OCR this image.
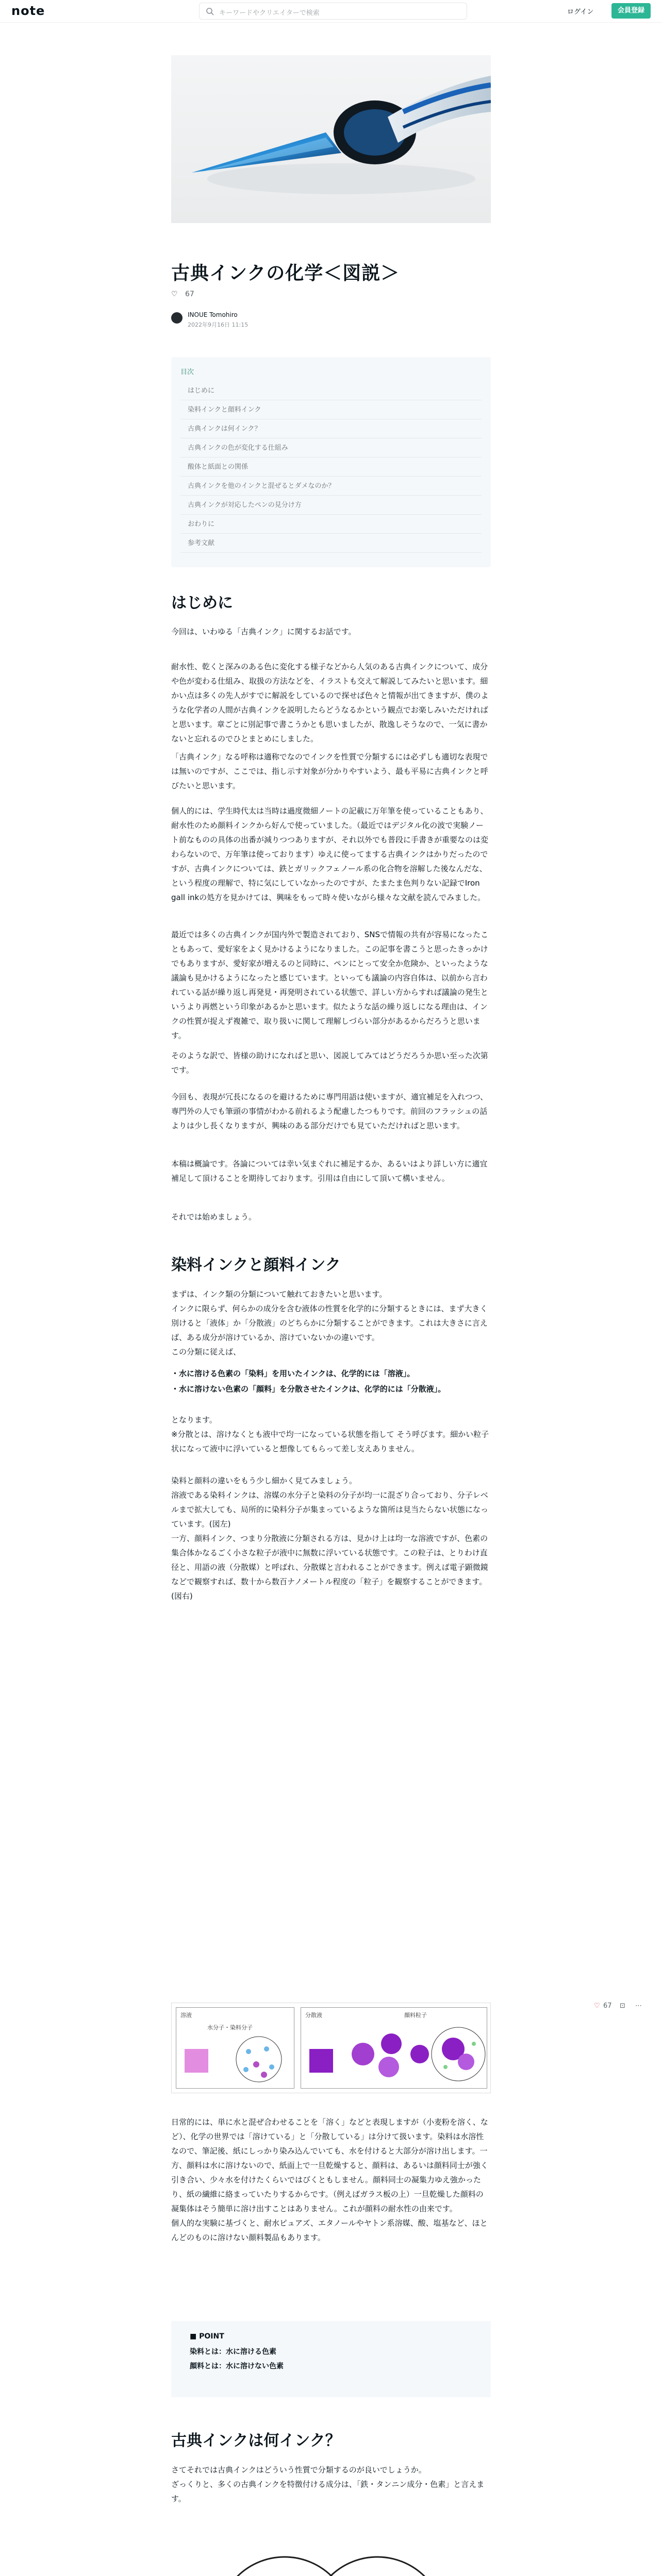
note	キーワードやクリエイターで検索	ログイン	会員登録
古典インクの化学＜図説＞
♡ 67
INOUE Tomohiro
2022年9月16日 11:15
目次
はじめに
染料インクと顔料インク
古典インクは何インク？
古典インクの色が変化する仕組み
酸体と紙面との関係
古典インクを他のインクと混ぜるとダメなのか？
古典インクが対応したペンの見分け方
おわりに
参考文献
はじめに

今回は、いわゆる「古典インク」に関するお話です。

耐水性、乾くと深みのある色に変化する様子などから人気のある古典インクについて、成分や色が変わる仕組み、取扱の方法などを、イラストも交えて解説してみたいと思います。細かい点は多くの先人がすでに解説をしているので探せば色々と情報が出てきますが、僕のような化学者の人間が古典インクを説明したらどうなるかという観点でお楽しみいただければと思います。章ごとに別記事で書こうかとも思いましたが、散逸しそうなので、一気に書かないと忘れるのでひとまとめにしました。

「古典インク」なる呼称は適称でなのでインクを性質で分類するには必ずしも適切な表現では無いのですが、ここでは、指し示す対象が分かりやすいよう、最も平易に古典インクと呼びたいと思います。

個人的には、学生時代太は当時は過度微細ノートの記載に万年筆を使っていることもあり、耐水性のため顔料インクから好んで使っていました。（最近ではデジタル化の波で実験ノート前なものの具体の出番が減りつつありますが、それ以外でも普段に手書きが重要なのは変わらないので、万年筆は使っております）ゆえに使ってまする古典インクはかりだったのですが、古典インクについては、鉄とガリックフェノール系の化合物を溶解した後なんだな、という程度の理解で、特に気にしていなかったのですが、たまたま色判りない記録でIron gall inkの処方を見かけては、興味をもって時々使いながら様々な文献を読んでみました。

最近では多くの古典インクが国内外で製造されており、SNSで情報の共有が容易になったこともあって、愛好家をよく見かけるようになりました。この記事を書こうと思ったきっかけでもありますが、愛好家が増えるのと同時に、ペンにとって安全か危険か、といったような議論も見かけるようになったと感じています。といっても議論の内容自体は、以前から言われている話が繰り返し再発見・再発明されている状態で、詳しい方からすれば議論の発生というより再燃という印象があるかと思います。似たような話の繰り返しになる理由は、インクの性質が捉えず複雑で、取り扱いに関して理解しづらい部分があるからだろうと思います。

そのような訳で、皆様の助けになればと思い、図説してみてはどうだろうか思い至った次第です。

今回も、表現が冗長になるのを避けるために専門用語は使いますが、適宜補足を入れつつ、専門外の人でも筆頭の事情がわかる前れるよう配慮したつもりです。前回のフラッシュの話よりは少し長くなりますが、興味のある部分だけでも見ていただければと思います。

本稿は概論です。各論については幸い気まぐれに補足するか、あるいはより詳しい方に適宜補足して頂けることを期待しております。引用は自由にして頂いて構いません。

それでは始めましょう。

染料インクと顔料インク

まずは、インク類の分類について触れておきたいと思います。
インクに限らず、何らかの成分を含む液体の性質を化学的に分類するときには、まず大きく別けると「液体」か「分散液」のどちらかに分類することができます。これは大きさに言えば、ある成分が溶けているか、溶けていないかの違いです。
この分類に従えば、

・水に溶ける色素の「染料」を用いたインクは、化学的には「溶液」。

・水に溶けない色素の「顔料」を分散させたインクは、化学的には「分散液」。

となります。
※分散とは、溶けなくとも液中で均一になっている状態を指して そう呼びます。細かい粒子状になって液中に浮いていると想像してもらって差し支えありません。

染料と顔料の違いをもう少し細かく見てみましょう。
溶液である染料インクは、溶媒の水分子と染料の分子が均一に混ざり合っており、分子レベルまで拡大しても、局所的に染料分子が集まっているような箇所は見当たらない状態になっています。(図左)
一方、顔料インク、つまり分散液に分類される方は、見かけ上は均一な溶液ですが、色素の集合体かなるごく小さな粒子が液中に無数に浮いている状態です。この粒子は、とりわけ直径と、用語の液（分散媒）と呼ばれ、分散媒と言われることができます。例えば電子顕微鏡などで観察すれば、数十から数百ナノメートル程度の「粒子」を観察することができます。(図右)

溶液
水分子・染料分子
分散液	顔料粒子

日常的には、単に水と混ぜ合わせることを「溶く」などと表現しますが（小麦粉を溶く、など）、化学の世界では「溶けている」と「分散している」は分けて扱います。染料は水溶性なので、筆記後、紙にしっかり染み込んでいても、水を付けると大部分が溶け出します。一方、顔料は水に溶けないので、紙面上で一旦乾燥すると、顔料は、あるいは顔料同士が強く引き合い、少々水を付けたくらいではびくともしません。顔料同士の凝集力ゆえ強かったり、紙の繊維に絡まっていたりするからです。（例えばガラス板の上）一旦乾燥した顔料の凝集体はそう簡単に溶け出すことはありません。これが顔料の耐水性の由来です。
個人的な実験に基づくと、耐水ピュアズ、エタノールやヤトン系溶媒、酸、塩基など、ほとんどのものに溶けない顔料製品もあります。

■ POINT
染料とは：水に溶ける色素
顔料とは：水に溶けない色素
古典インクは何インク？

さてそれでは古典インクはどういう性質で分類するのが良いでしょうか。
ざっくりと、多くの古典インクを特徴付ける成分は、「鉄・タンニン成分・色素」と言えます。

♡ 67 ⊡ ⋯
